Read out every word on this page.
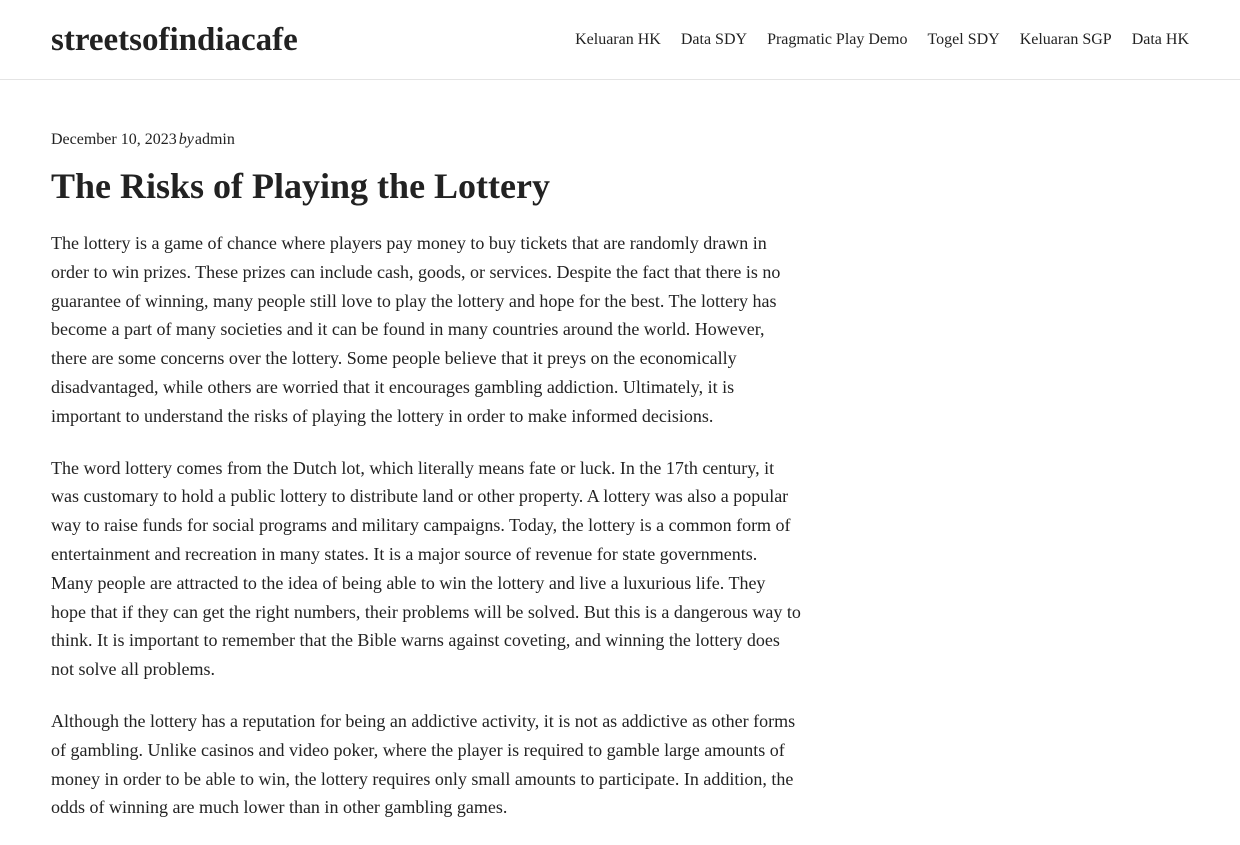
streetsofindiacafe	Keluaran HK Data SDY Pragmatic Play Demo Togel SDY Keluaran SGP Data HK
December 10, 2023 byadmin
The Risks of Playing the Lottery

The lottery is a game of chance where players pay money to buy tickets that are randomly drawn in order to win prizes. These prizes can include cash, goods, or services. Despite the fact that there is no guarantee of winning, many people still love to play the lottery and hope for the best. The lottery has become a part of many societies and it can be found in many countries around the world. However, there are some concerns over the lottery. Some people believe that it preys on the economically disadvantaged, while others are worried that it encourages gambling addiction. Ultimately, it is important to understand the risks of playing the lottery in order to make informed decisions.

The word lottery comes from the Dutch lot, which literally means fate or luck. In the 17th century, it was customary to hold a public lottery to distribute land or other property. A lottery was also a popular way to raise funds for social programs and military campaigns. Today, the lottery is a common form of entertainment and recreation in many states. It is a major source of revenue for state governments. Many people are attracted to the idea of being able to win the lottery and live a luxurious life. They hope that if they can get the right numbers, their problems will be solved. But this is a dangerous way to think. It is important to remember that the Bible warns against coveting, and winning the lottery does not solve all problems.

Although the lottery has a reputation for being an addictive activity, it is not as addictive as other forms of gambling. Unlike casinos and video poker, where the player is required to gamble large amounts of money in order to be able to win, the lottery requires only small amounts to participate. In addition, the odds of winning are much lower than in other gambling games.
